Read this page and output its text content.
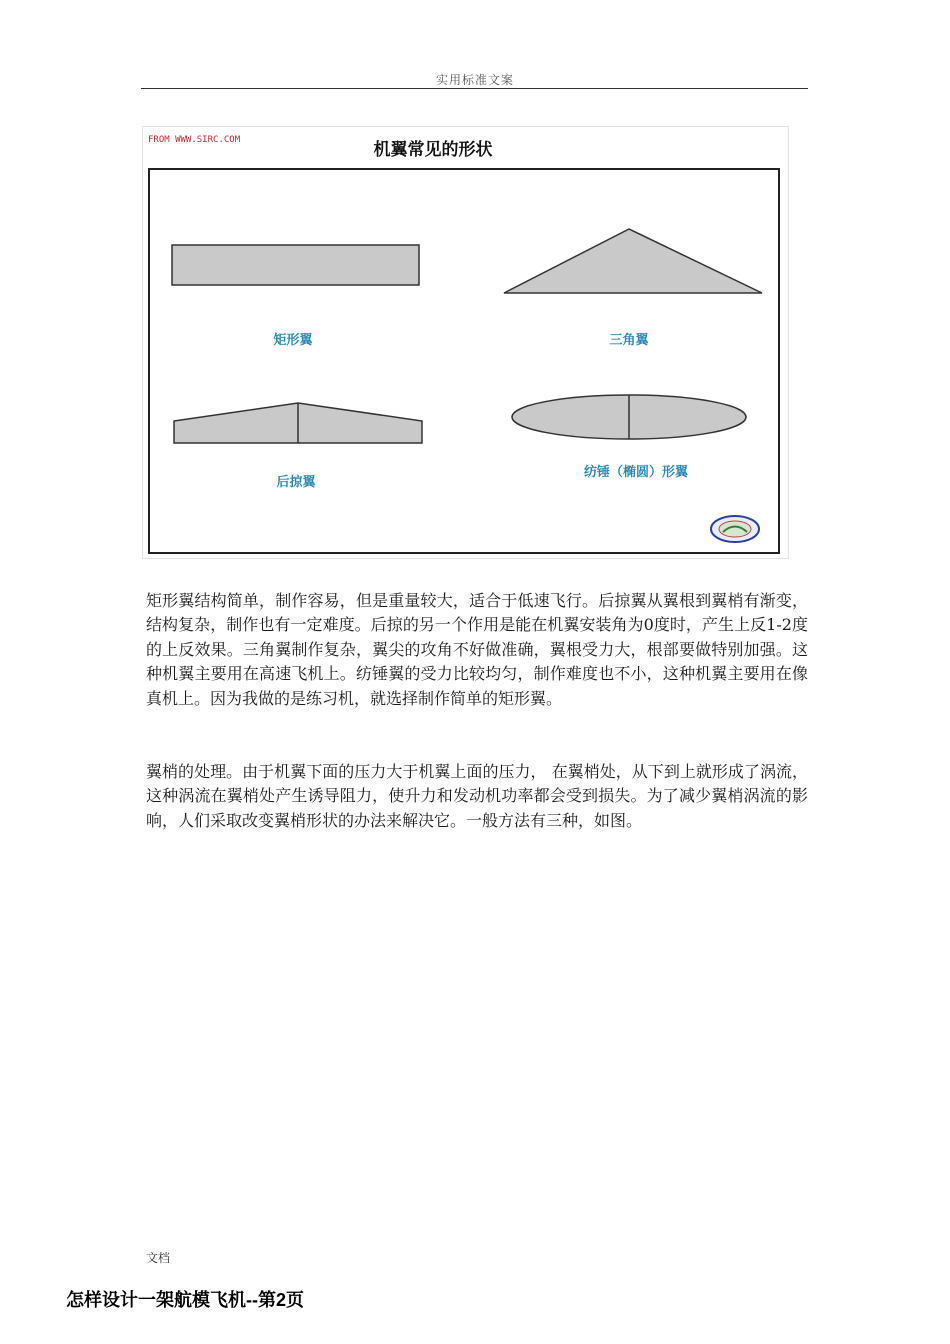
实用标准文案
FROM WWW.SIRC.COM	机翼常见的形状
矩形翼	三角翼
后掠翼
纺锤（椭圆）形翼

矩形翼结构简单，制作容易，但是重量较大，适合于低速飞行。后掠翼从翼根到翼梢有渐变，结构复杂，制作也有一定难度。后掠的另一个作用是能在机翼安装角为0度时，产生上反1-2度的上反效果。三角翼制作复杂，翼尖的攻角不好做准确，翼根受力大，根部要做特别加强。这种机翼主要用在高速飞机上。纺锤翼的受力比较均匀，制作难度也不小，这种机翼主要用在像真机上。因为我做的是练习机，就选择制作简单的矩形翼。

翼梢的处理。由于机翼下面的压力大于机翼上面的压力， 在翼梢处，从下到上就形成了涡流，这种涡流在翼梢处产生诱导阻力，使升力和发动机功率都会受到损失。为了减少翼梢涡流的影响，人们采取改变翼梢形状的办法来解决它。一般方法有三种，如图。

文档
怎样设计一架航模飞机--第2页
